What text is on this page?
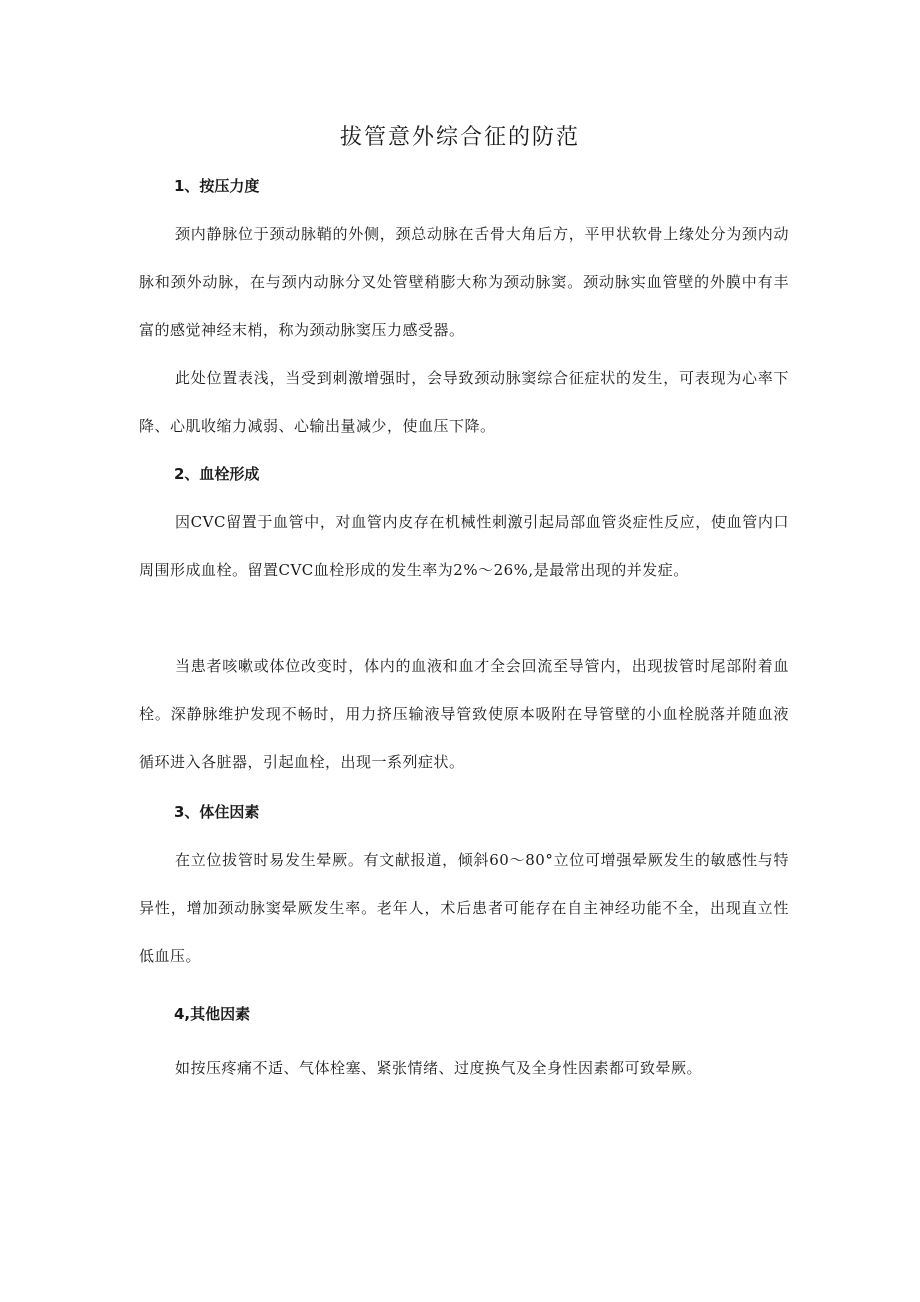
拔管意外综合征的防范
1、按压力度

颈内静脉位于颈动脉鞘的外侧，颈总动脉在舌骨大角后方，平甲状软骨上缘处分为颈内动脉和颈外动脉，在与颈内动脉分叉处管壁稍膨大称为颈动脉窦。颈动脉实血管壁的外膜中有丰富的感觉神经末梢，称为颈动脉窦压力感受器。

此处位置表浅，当受到刺激增强时，会导致颈动脉窦综合征症状的发生，可表现为心率下降、心肌收缩力减弱、心输出量减少，使血压下降。

2、血栓形成

因CVC留置于血管中，对血管内皮存在机械性刺激引起局部血管炎症性反应，使血管内口周围形成血栓。留置CVC血栓形成的发生率为2%～26%,是最常出现的并发症。

当患者咳嗽或体位改变时，体内的血液和血才全会回流至导管内，出现拔管时尾部附着血栓。深静脉维护发现不畅时，用力挤压输液导管致使原本吸附在导管壁的小血栓脱落并随血液循环进入各脏器，引起血栓，出现一系列症状。

3、体住因素

在立位拔管时易发生晕厥。有文献报道，倾斜60～80°立位可增强晕厥发生的敏感性与特异性，增加颈动脉窦晕厥发生率。老年人，术后患者可能存在自主神经功能不全，出现直立性低血压。

4,其他因素

如按压疼痛不适、气体栓塞、紧张情绪、过度换气及全身性因素都可致晕厥。
